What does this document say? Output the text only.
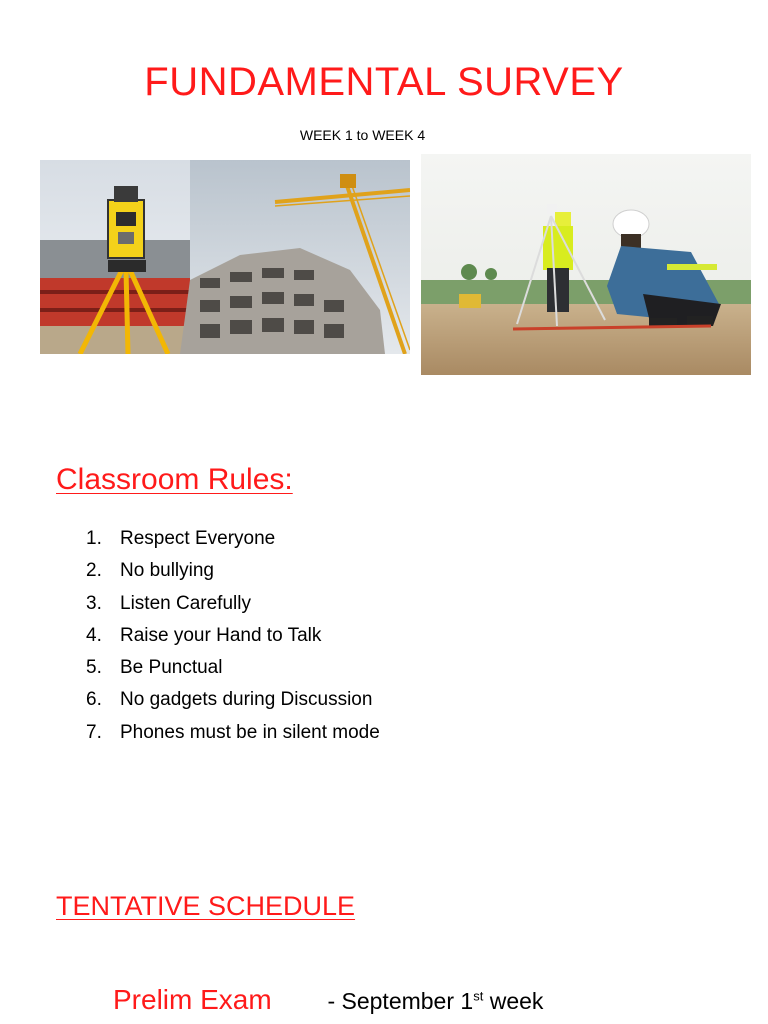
FUNDAMENTAL SURVEY
WEEK 1 to WEEK 4
Classroom Rules:
1. Respect Everyone
2. No bullying
3. Listen Carefully
4. Raise your Hand to Talk
5. Be Punctual
6. No gadgets during Discussion
7. Phones must be in silent mode
TENTATIVE SCHEDULE
Prelim Exam - September 1st week
